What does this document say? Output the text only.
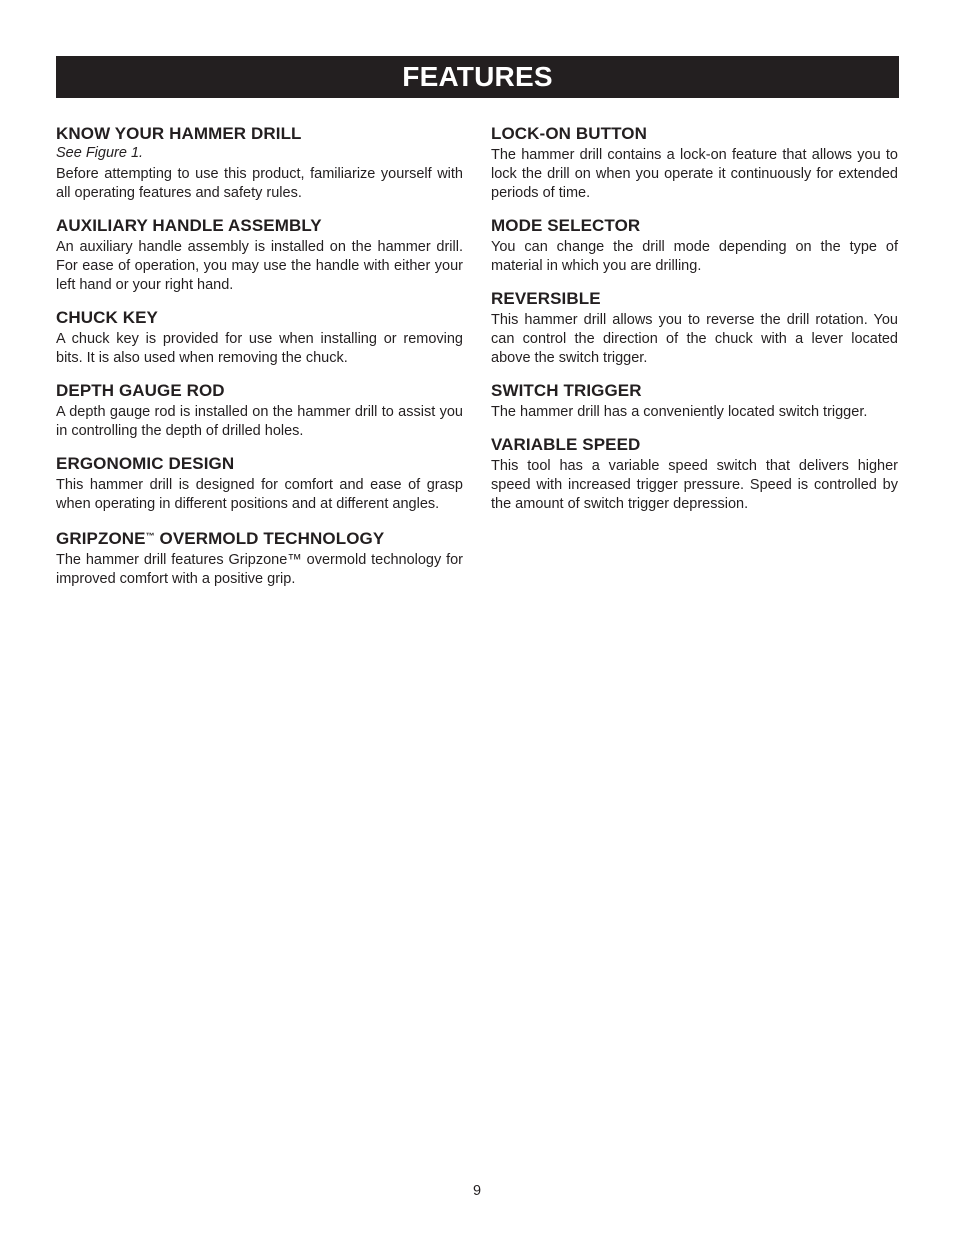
FEATURES
KNOW YOUR HAMMER DRILL

See Figure 1.

Before attempting to use this product, familiarize yourself with all operating features and safety rules.

AUXILIARY HANDLE ASSEMBLY

An auxiliary handle assembly is installed on the hammer drill. For ease of operation, you may use the handle with either your left hand or your right hand.

CHUCK KEY

A chuck key is provided for use when installing or removing bits. It is also used when removing the chuck.

DEPTH GAUGE ROD

A depth gauge rod is installed on the hammer drill to assist you in controlling the depth of drilled holes.

ERGONOMIC DESIGN

This hammer drill is designed for comfort and ease of grasp when operating in different positions and at different angles.

GRIPZONE™ OVERMOLD TECHNOLOGY

The hammer drill features Gripzone™ overmold technology for improved comfort with a positive grip.

LOCK-ON BUTTON

The hammer drill contains a lock-on feature that allows you to lock the drill on when you operate it continuously for extended periods of time.

MODE SELECTOR

You can change the drill mode depending on the type of material in which you are drilling.

REVERSIBLE

This hammer drill allows you to reverse the drill rotation. You can control the direction of the chuck with a lever located above the switch trigger.

SWITCH TRIGGER

The hammer drill has a conveniently located switch trigger.

VARIABLE SPEED

This tool has a variable speed switch that delivers higher speed with increased trigger pressure. Speed is controlled by the amount of switch trigger depression.

9
